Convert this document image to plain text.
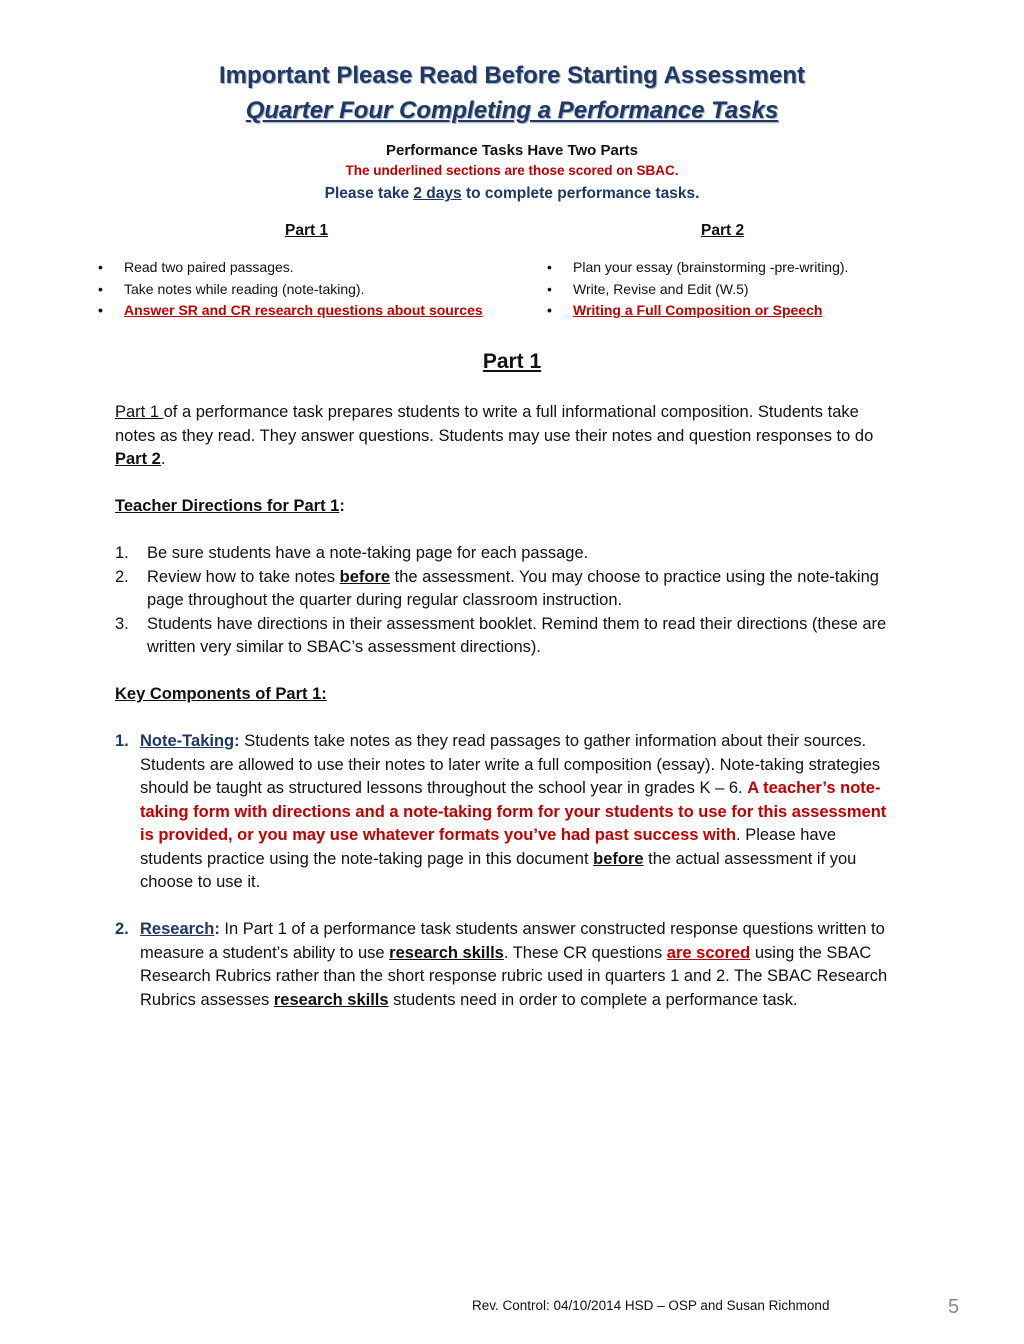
Important Please Read Before Starting Assessment
Quarter Four Completing a Performance Tasks
Performance Tasks Have Two Parts
The underlined sections are those scored on SBAC.
Please take 2 days to complete performance tasks.
Part 1	Part 2
• Read two paired passages.
• Take notes while reading (note-taking).
• Answer SR and CR research questions about sources
• Plan your essay (brainstorming -pre-writing).
• Write, Revise and Edit (W.5)
• Writing a Full Composition or Speech
Part 1

Part 1 of a performance task prepares students to write a full informational composition. Students take notes as they read. They answer questions. Students may use their notes and question responses to do Part 2.

Teacher Directions for Part 1:

1. Be sure students have a note-taking page for each passage.
2. Review how to take notes before the assessment. You may choose to practice using the note-taking page throughout the quarter during regular classroom instruction.
3. Students have directions in their assessment booklet. Remind them to read their directions (these are written very similar to SBAC’s assessment directions).

Key Components of Part 1:

1. Note-Taking: Students take notes as they read passages to gather information about their sources. Students are allowed to use their notes to later write a full composition (essay). Note-taking strategies should be taught as structured lessons throughout the school year in grades K – 6. A teacher’s note-taking form with directions and a note-taking form for your students to use for this assessment is provided, or you may use whatever formats you’ve had past success with. Please have students practice using the note-taking page in this document before the actual assessment if you choose to use it.
2. Research: In Part 1 of a performance task students answer constructed response questions written to measure a student’s ability to use research skills. These CR questions are scored using the SBAC Research Rubrics rather than the short response rubric used in quarters 1 and 2. The SBAC Research Rubrics assesses research skills students need in order to complete a performance task.
Rev. Control: 04/10/2014 HSD – OSP and Susan Richmond	5
